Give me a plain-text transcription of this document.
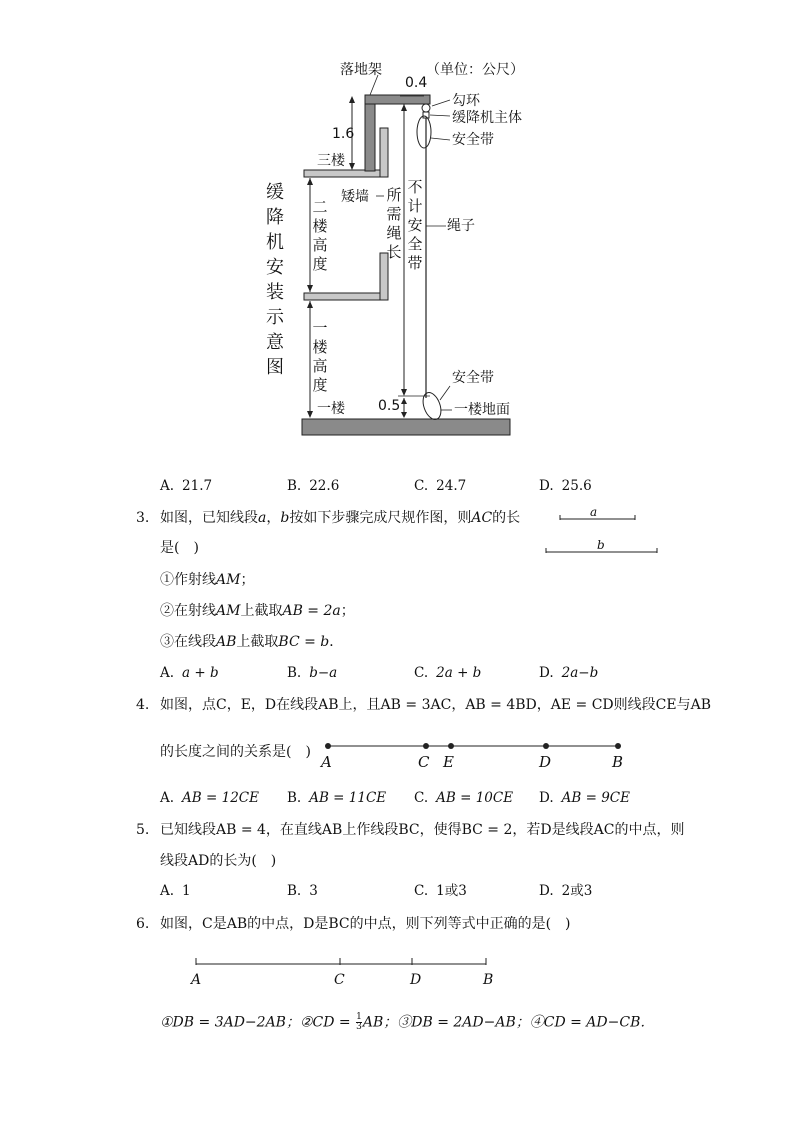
落地架	（单位：公尺）
0.4
勾环
缓降机主体
安全带
1.6
三楼
矮墙
绳子
安全带
0.5
一楼	一楼地面
二楼高度
一楼高度
所需绳长
不计安全带
缓降机安装示意图
A. 21.7	B. 22.6	C. 24.7	D. 25.6
3. 如图，已知线段a，b按如下步骤完成尺规作图，则AC的长
是(　)
①作射线AM；
②在射线AM上截取AB = 2a；
③在线段AB上截取BC = b．
a
b
A. a + b	B. b−a	C. 2a + b	D. 2a−b
4. 如图，点C，E，D在线段AB上，且AB = 3AC，AB = 4BD，AE = CD则线段CE与AB
的长度之间的关系是(　)
A	C E	D	B
A. AB = 12CE B. AB = 11CE C. AB = 10CE D. AB = 9CE
5. 已知线段AB = 4，在直线AB上作线段BC，使得BC = 2，若D是线段AC的中点，则
线段AD的长为(　)
A. 1	B. 3	C. 1或3	D. 2或3
6. 如图，C是AB的中点，D是BC的中点，则下列等式中正确的是(　)
A	C	D	B
①DB = 3AD−2AB；②CD = $\frac{1}{3}$ AB；③DB = 2AD−AB；④CD = AD−CB．
